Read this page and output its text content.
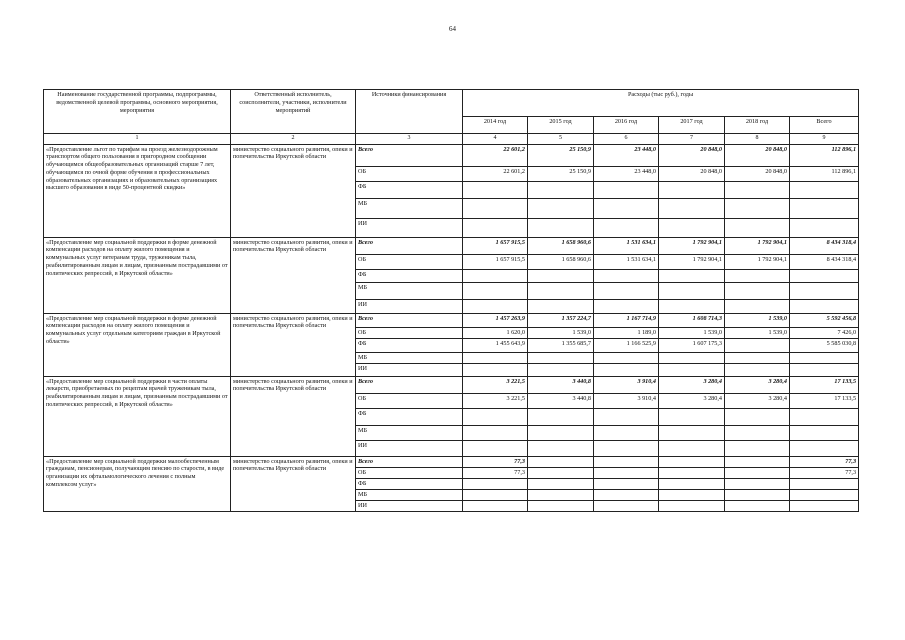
64
Наименование государственной программы, подпрограммы, ведомственной целевой программы, основного мероприятия, мероприятия	Ответственный исполнитель, соисполнители, участники, исполнители мероприятий	Источники финансирования	Расходы (тыс руб.), годы					
			2014 год	2015 год	2016 год	2017 год	2018 год	Всего
1	2	3	4	5	6	7	8	9
«Предоставление льгот по тарифам на проезд железнодорожным транспортом общего пользования в пригородном сообщении обучающимся общеобразовательных организаций старше 7 лет, обучающимся по очной форме обучения в профессиональных образовательных организациях и образовательных организациях высшего образования в виде 50-процентной скидки»	министерство социального развития, опеки и попечительства Иркутской области	Всего	22 601,2	25 150,9	23 448,0	20 848,0	20 848,0	112 896,1
		ОБ	22 601,2	25 150,9	23 448,0	20 848,0	20 848,0	112 896,1
		ФБ						
		МБ						
		ИИ						
«Предоставление мер социальной поддержки в форме денежной компенсации расходов на оплату жилого помещения и коммунальных услуг ветеранам труда, труженикам тыла, реабилитированным лицам и лицам, признанным пострадавшими от политических репрессий, в Иркутской области»	министерство социального развития, опеки и попечительства Иркутской области	Всего	1 657 915,5	1 658 960,6	1 531 634,1	1 792 904,1	1 792 904,1	8 434 318,4
		ОБ	1 657 915,5	1 658 960,6	1 531 634,1	1 792 904,1	1 792 904,1	8 434 318,4
		ФБ						
		МБ						
		ИИ						
«Предоставление мер социальной поддержки в форме денежной компенсации расходов на оплату жилого помещения и коммунальных услуг отдельным категориям граждан в Иркутской области»	министерство социального развития, опеки и попечительства Иркутской области	Всего	1 457 263,9	1 357 224,7	1 167 714,9	1 608 714,3	1 539,0	5 592 456,8
		ОБ	1 620,0	1 539,0	1 189,0	1 539,0	1 539,0	7 426,0
		ФБ	1 455 643,9	1 355 685,7	1 166 525,9	1 607 175,3		5 585 030,8
		МБ						
		ИИ						
«Предоставление мер социальной поддержки в части оплаты лекарств, приобретаемых по рецептам врачей труженикам тыла, реабилитированным лицам и лицам, признанным пострадавшими от политических репрессий, в Иркутской области»	министерство социального развития, опеки и попечительства Иркутской области	Всего	3 221,5	3 440,8	3 910,4	3 280,4	3 280,4	17 133,5
		ОБ	3 221,5	3 440,8	3 910,4	3 280,4	3 280,4	17 133,5
		ФБ						
		МБ						
		ИИ						
«Предоставление мер социальной поддержки малообеспеченным гражданам, пенсионерам, получающим пенсию по старости, в виде организации их офтальмологического лечения с полным комплексом услуг»	министерство социального развития, опеки и попечительства Иркутской области	Всего	77,3					77,3
		ОБ	77,3					77,3
		ФБ						
		МБ						
		ИИ						
